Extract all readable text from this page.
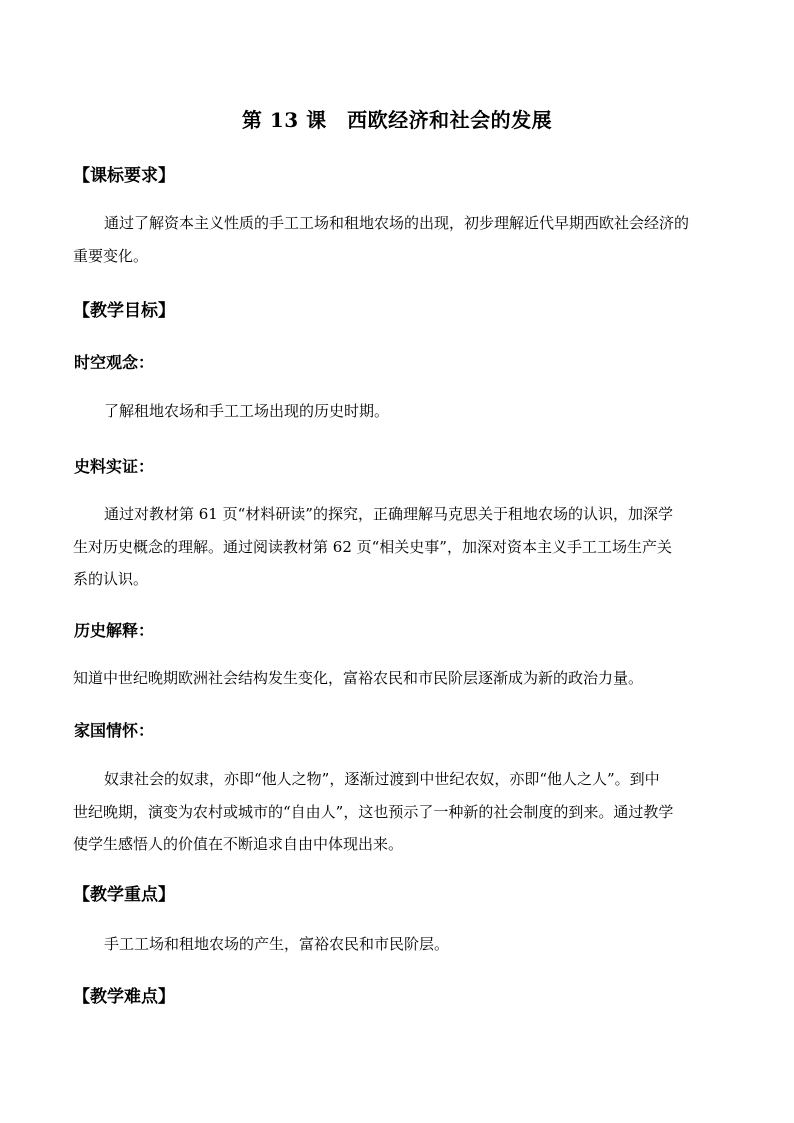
第 13 课　西欧经济和社会的发展
【课标要求】
通过了解资本主义性质的手工工场和租地农场的出现，初步理解近代早期西欧社会经济的
重要变化。
【教学目标】
时空观念：
了解租地农场和手工工场出现的历史时期。
史料实证：
通过对教材第 61 页“材料研读”的探究，正确理解马克思关于租地农场的认识，加深学
生对历史概念的理解。通过阅读教材第 62 页“相关史事”，加深对资本主义手工工场生产关
系的认识。
历史解释：
知道中世纪晚期欧洲社会结构发生变化，富裕农民和市民阶层逐渐成为新的政治力量。
家国情怀：
奴隶社会的奴隶，亦即“他人之物”，逐渐过渡到中世纪农奴，亦即“他人之人”。到中
世纪晚期，演变为农村或城市的“自由人”，这也预示了一种新的社会制度的到来。通过教学
使学生感悟人的价值在不断追求自由中体现出来。
【教学重点】
手工工场和租地农场的产生，富裕农民和市民阶层。
【教学难点】
